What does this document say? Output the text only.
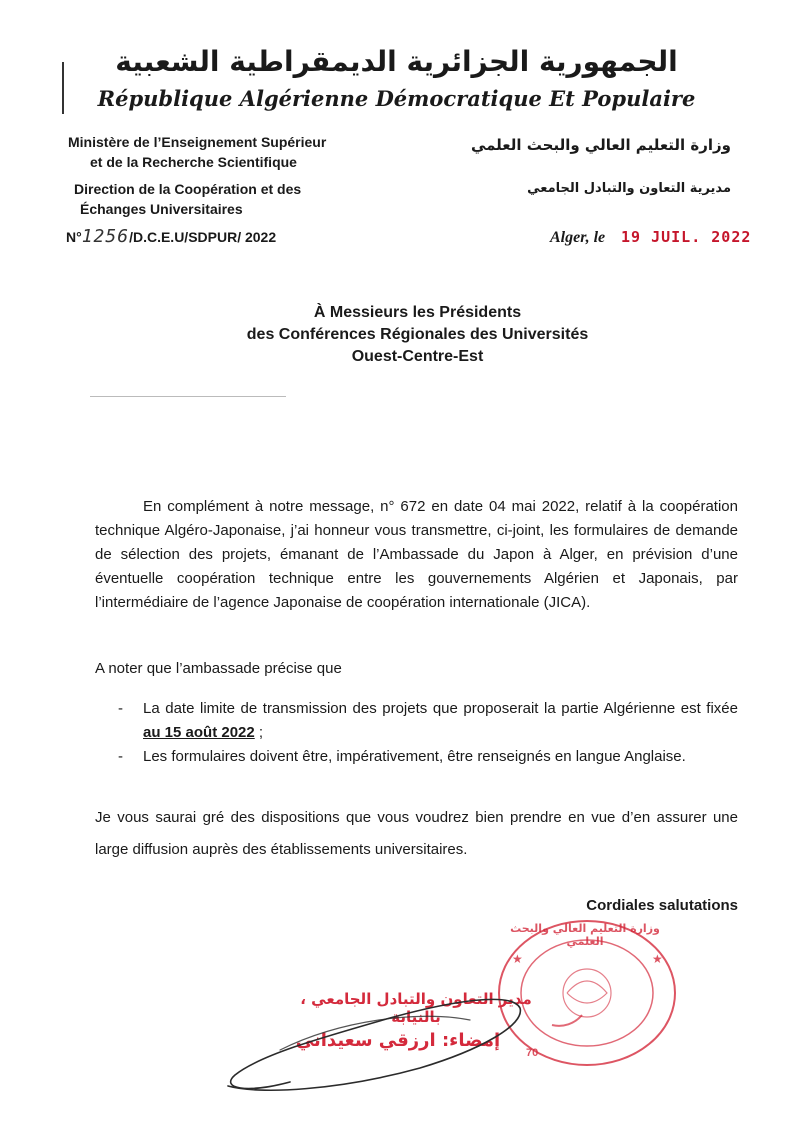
الجمهورية الجزائرية الديمقراطية الشعبية
République Algérienne Démocratique Et Populaire
Ministère de l’Enseignement Supérieur
et de la Recherche Scientifique
Direction de la Coopération et des
Échanges Universitaires
وزارة التعليم العالي والبحث العلمي
مديرية التعاون والتبادل الجامعي
N°1256/D.C.E.U/SDPUR/ 2022	Alger, le 19 JUIL. 2022
À Messieurs les Présidents
des Conférences Régionales des Universités
Ouest-Centre-Est
En complément à notre message, n° 672 en date 04 mai 2022, relatif à la coopération technique Algéro-Japonaise, j’ai honneur vous transmettre, ci-joint, les formulaires de demande de sélection des projets, émanant de l’Ambassade du Japon à Alger, en prévision d’une éventuelle coopération technique entre les gouvernements Algérien et Japonais, par l’intermédiaire de l’agence Japonaise de coopération internationale (JICA).
A noter que l’ambassade précise que
- La date limite de transmission des projets que proposerait la partie Algérienne est fixée au 15 août 2022 ;
- Les formulaires doivent être, impérativement, être renseignés en langue Anglaise.
Je vous saurai gré des dispositions que vous voudrez bien prendre en vue d’en assurer une large diffusion auprès des établissements universitaires.
Cordiales salutations
★	★
وزارة التعليم العالي والبحث العلمي
70
مدير التعاون والتبادل الجامعي ، بالنيابة
إمضاء: ارزقي سعيداني
